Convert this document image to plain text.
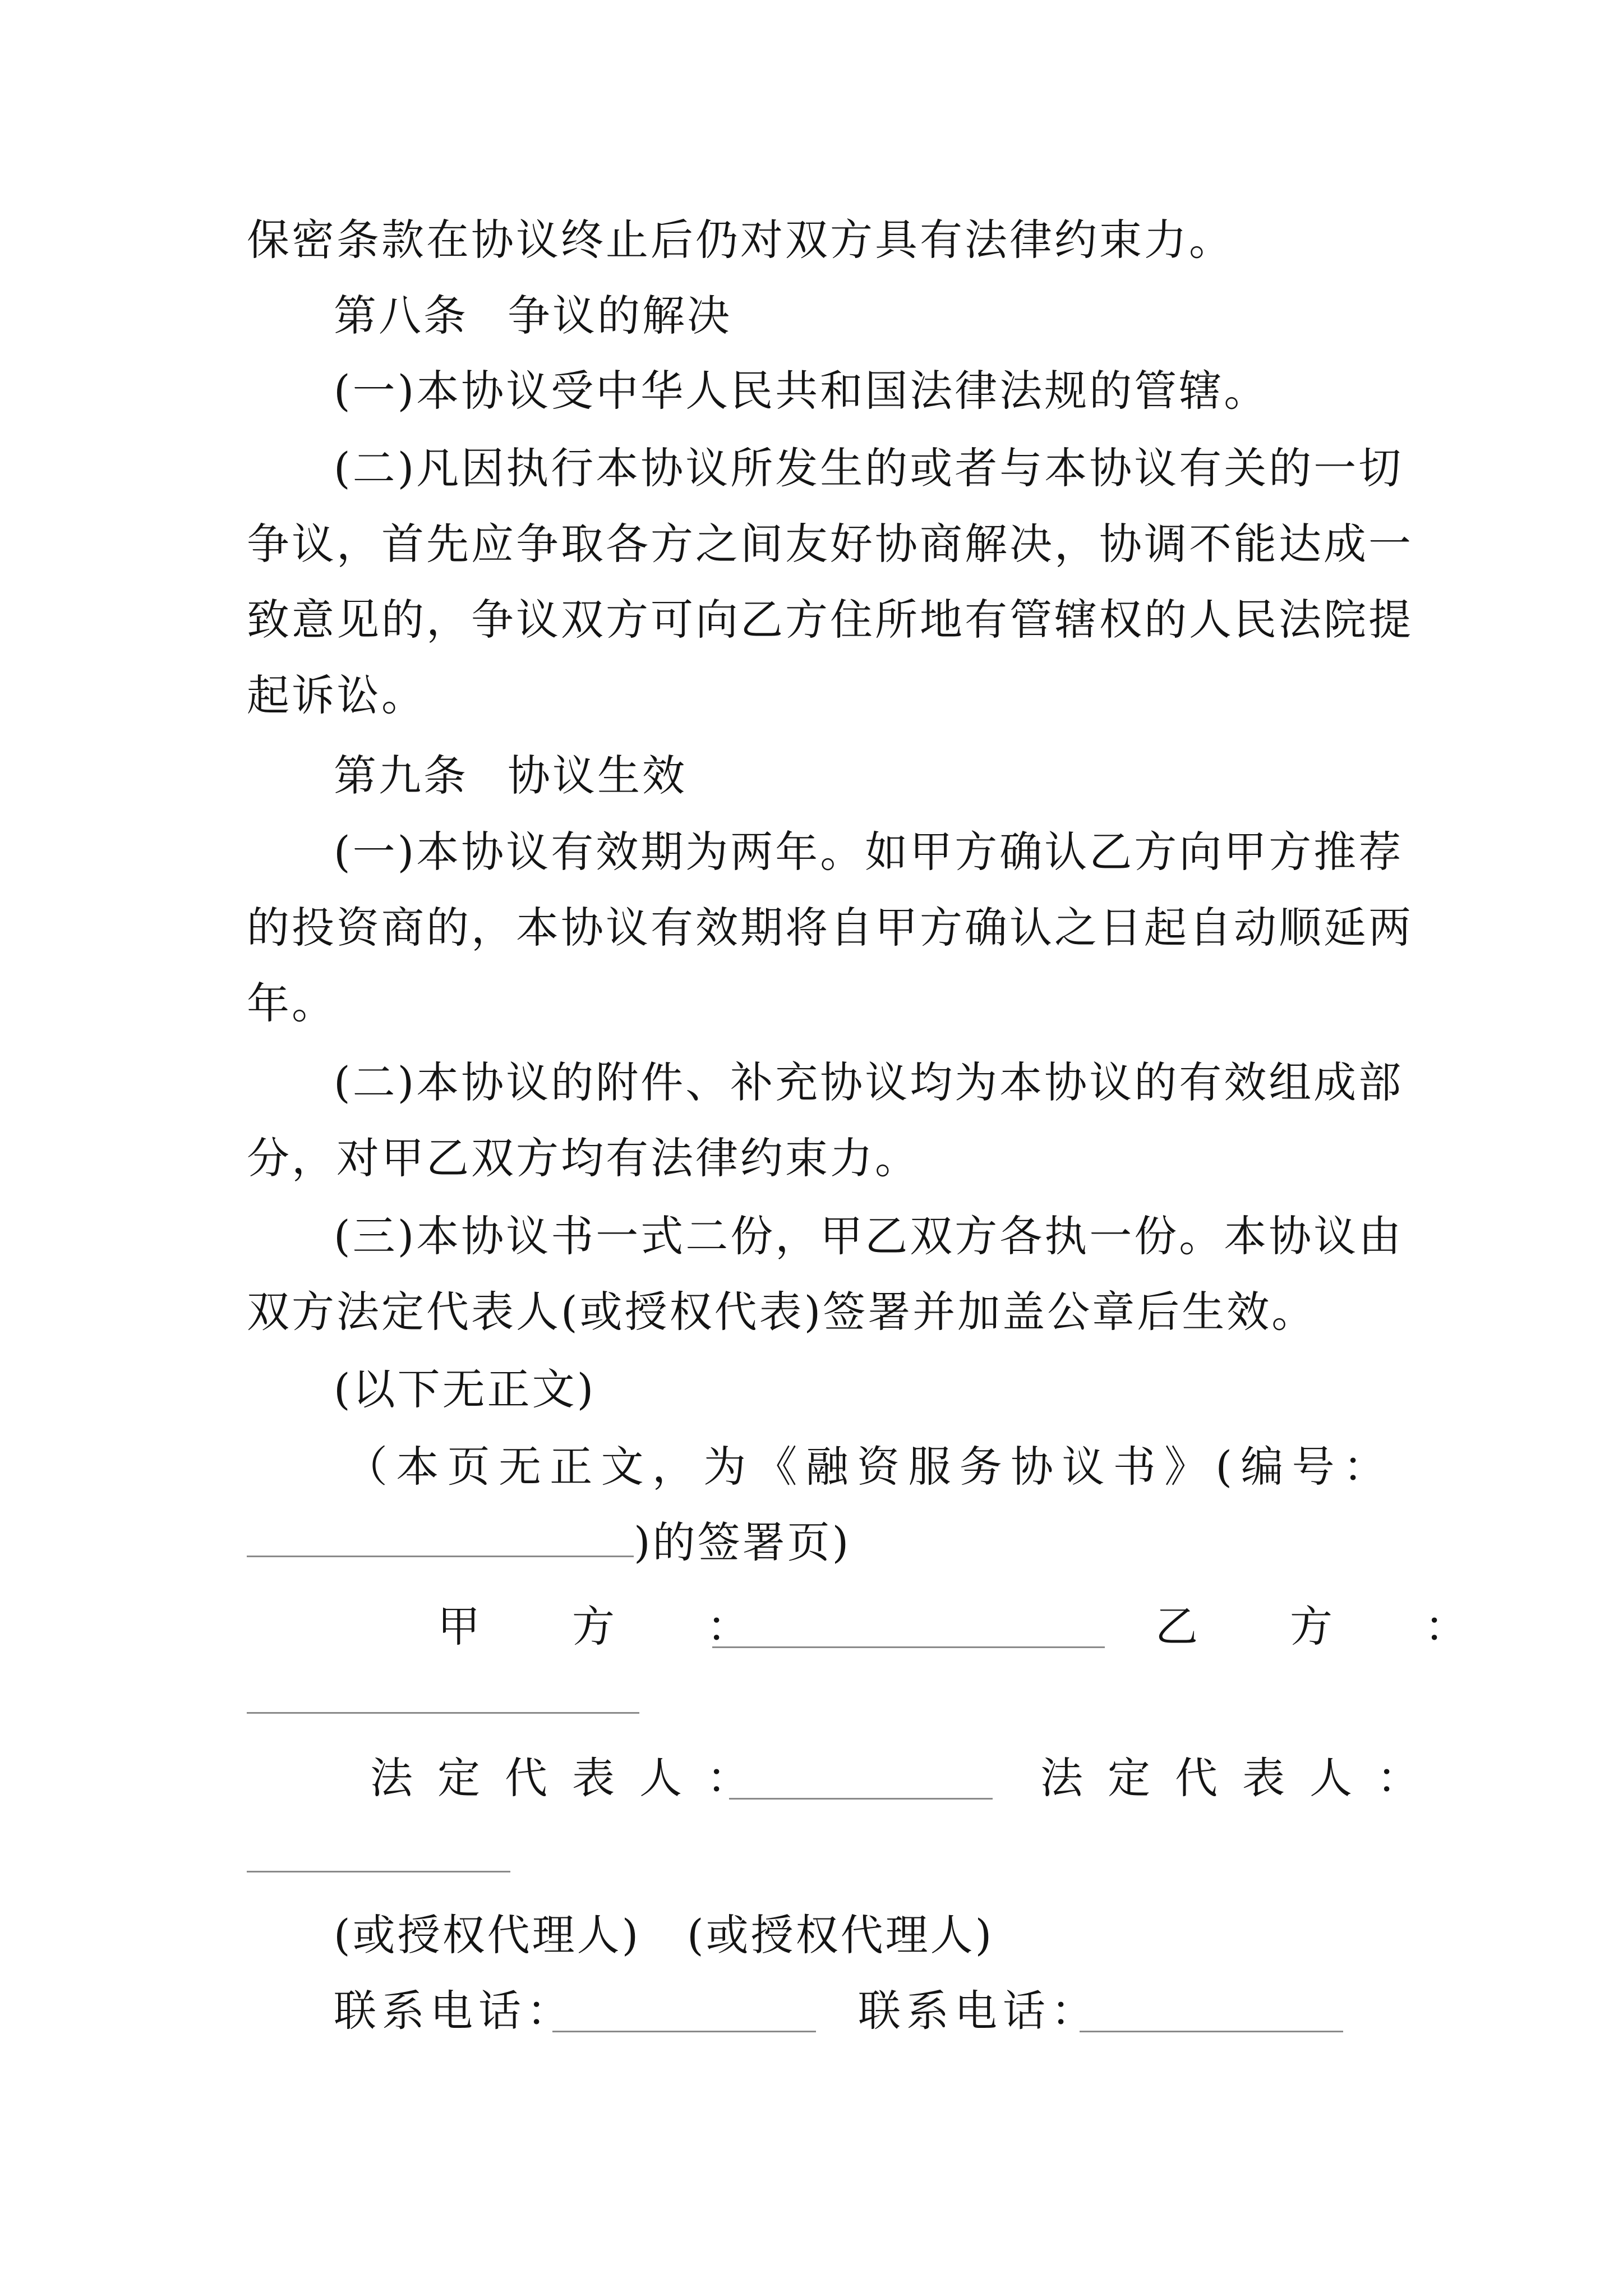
保密条款在协议终止后仍对双方具有法律约束力。
第八条 争议的解决
(一)本协议受中华人民共和国法律法规的管辖。
(二)凡因执行本协议所发生的或者与本协议有关的一切
争议，首先应争取各方之间友好协商解决，协调不能达成一
致意见的，争议双方可向乙方住所地有管辖权的人民法院提
起诉讼。
第九条 协议生效
(一)本协议有效期为两年。如甲方确认乙方向甲方推荐
的投资商的，本协议有效期将自甲方确认之日起自动顺延两
年。
(二)本协议的附件、补充协议均为本协议的有效组成部
分，对甲乙双方均有法律约束力。
(三)本协议书一式二份，甲乙双方各执一份。本协议由
双方法定代表人(或授权代表)签署并加盖公章后生效。
(以下无正文)
（本页无正文，为《融资服务协议书》(编号：
)的签署页)
甲　方　：	乙　方　：
法定代表人：	法定代表人：
(或授权代理人) (或授权代理人)
联系电话：	联系电话：
